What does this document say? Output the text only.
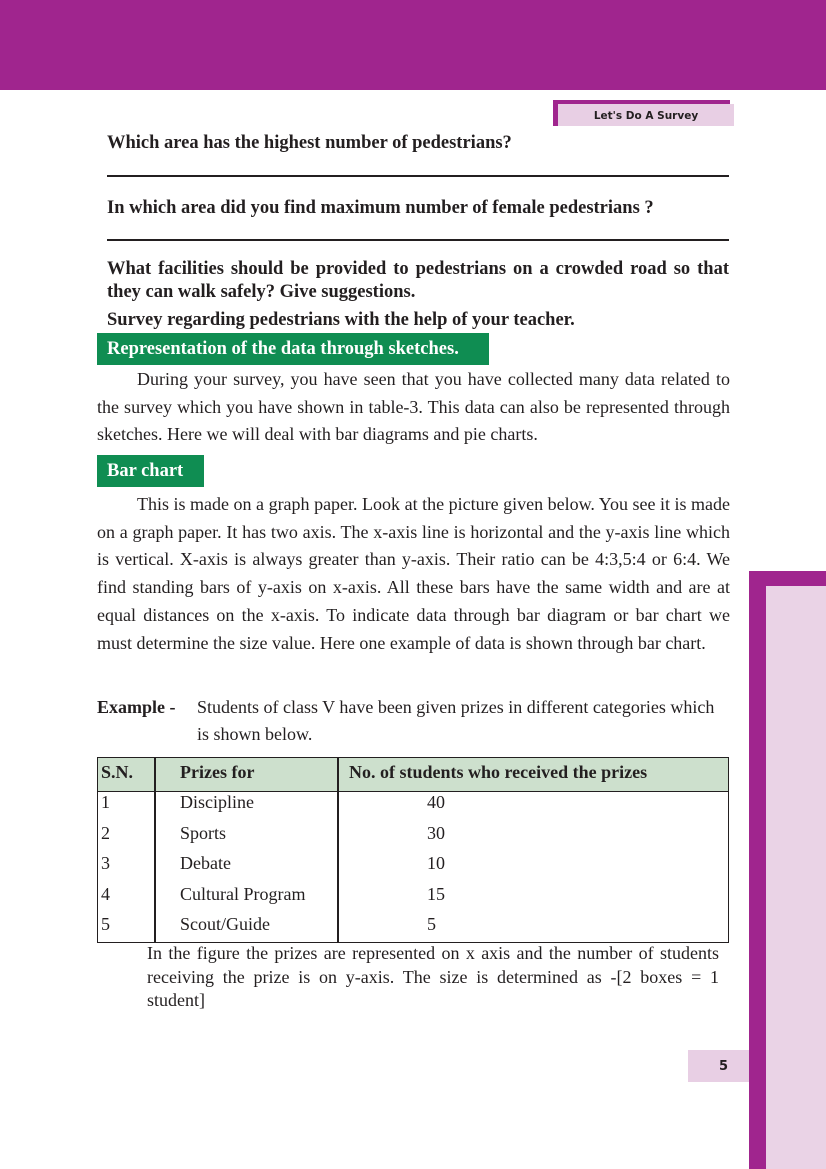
Let's Do A Survey
Which area has the highest number of pedestrians?
In which area did you find maximum number of female pedestrians ?
What facilities should be provided to pedestrians on a crowded road so that they can walk safely? Give suggestions.
Survey regarding pedestrians with the help of your teacher.
Representation of the data through sketches.
During your survey, you have seen that you have collected many data related to the survey which you have shown in table-3. This data can also be represented through sketches. Here we will deal with bar diagrams and pie charts.
Bar chart
This is made on a graph paper. Look at the picture given below. You see it is made on a graph paper. It has two axis. The x-axis line is horizontal and the y-axis line which is vertical. X-axis is always greater than y-axis. Their ratio can be 4:3,5:4 or 6:4. We find standing bars of y-axis on x-axis. All these bars have the same width and are at equal distances on the x-axis. To indicate data through bar diagram or bar chart we must determine the size value. Here one example of data is shown through bar chart.
Example - Students of class V have been given prizes in different categories which is shown below.
S.N.	Prizes for	No. of students who received the prizes
1	Discipline	40
2	Sports	30
3	Debate	10
4	Cultural Program	15
5	Scout/Guide	5
In the figure the prizes are represented on x axis and the number of students receiving the prize is on y-axis. The size is determined as -[2 boxes = 1 student]
5
